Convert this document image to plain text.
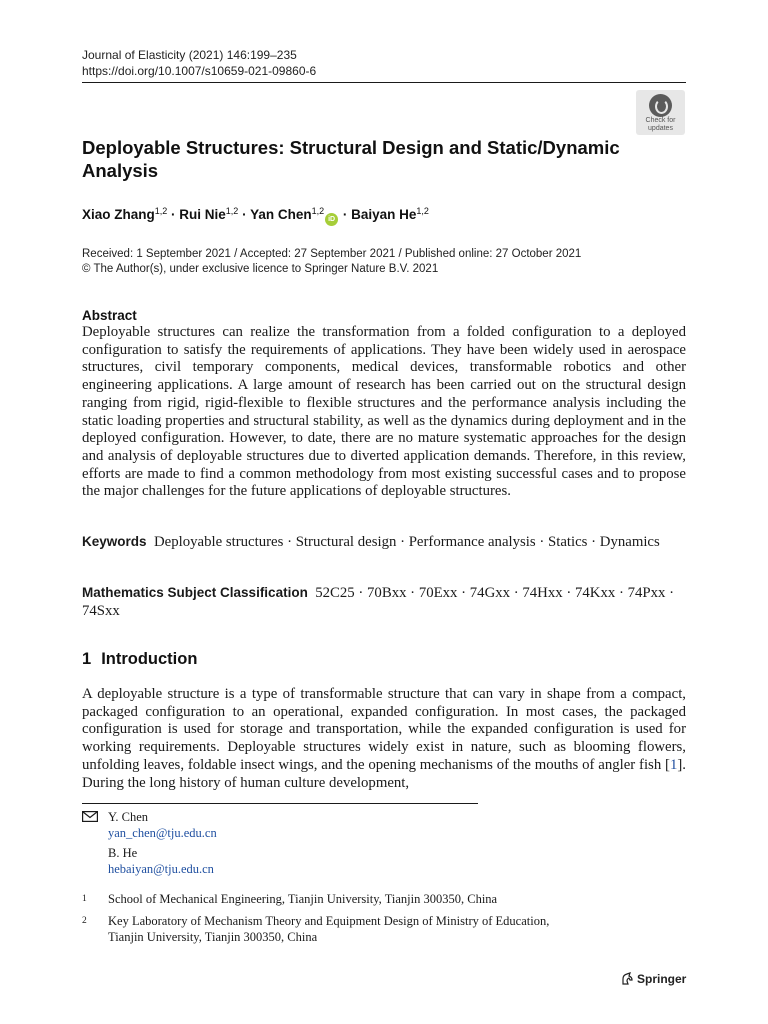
Journal of Elasticity (2021) 146:199–235
https://doi.org/10.1007/s10659-021-09860-6
Check for
updates
Deployable Structures: Structural Design and Static/Dynamic Analysis
Xiao Zhang$^{1,2}$ · Rui Nie$^{1,2}$ · Yan Chen$^{1,2}$iD · Baiyan He$^{1,2}$
Received: 1 September 2021 / Accepted: 27 September 2021 / Published online: 27 October 2021
© The Author(s), under exclusive licence to Springer Nature B.V. 2021
Abstract
Deployable structures can realize the transformation from a folded configuration to a deployed configuration to satisfy the requirements of applications. They have been widely used in aerospace structures, civil temporary components, medical devices, transformable robotics and other engineering applications. A large amount of research has been carried out on the structural design ranging from rigid, rigid-flexible to flexible structures and the performance analysis including the static loading properties and structural stability, as well as the dynamics during deployment and in the deployed configuration. However, to date, there are no mature systematic approaches for the design and analysis of deployable structures due to diverted application demands. Therefore, in this review, efforts are made to find a common methodology from most existing successful cases and to propose the major challenges for the future applications of deployable structures.
Keywords Deployable structures · Structural design · Performance analysis · Statics · Dynamics
Mathematics Subject Classification 52C25 · 70Bxx · 70Exx · 74Gxx · 74Hxx · 74Kxx · 74Pxx · 74Sxx
1 Introduction
A deployable structure is a type of transformable structure that can vary in shape from a compact, packaged configuration to an operational, expanded configuration. In most cases, the packaged configuration is used for storage and transportation, while the expanded configuration is used for working requirements. Deployable structures widely exist in nature, such as blooming flowers, unfolding leaves, foldable insect wings, and the opening mechanisms of the mouths of angler fish [1]. During the long history of human culture development,
Y. Chen
yan_chen@tju.edu.cn
B. He
hebaiyan@tju.edu.cn
1 School of Mechanical Engineering, Tianjin University, Tianjin 300350, China
2 Key Laboratory of Mechanism Theory and Equipment Design of Ministry of Education,
Tianjin University, Tianjin 300350, China
Springer
